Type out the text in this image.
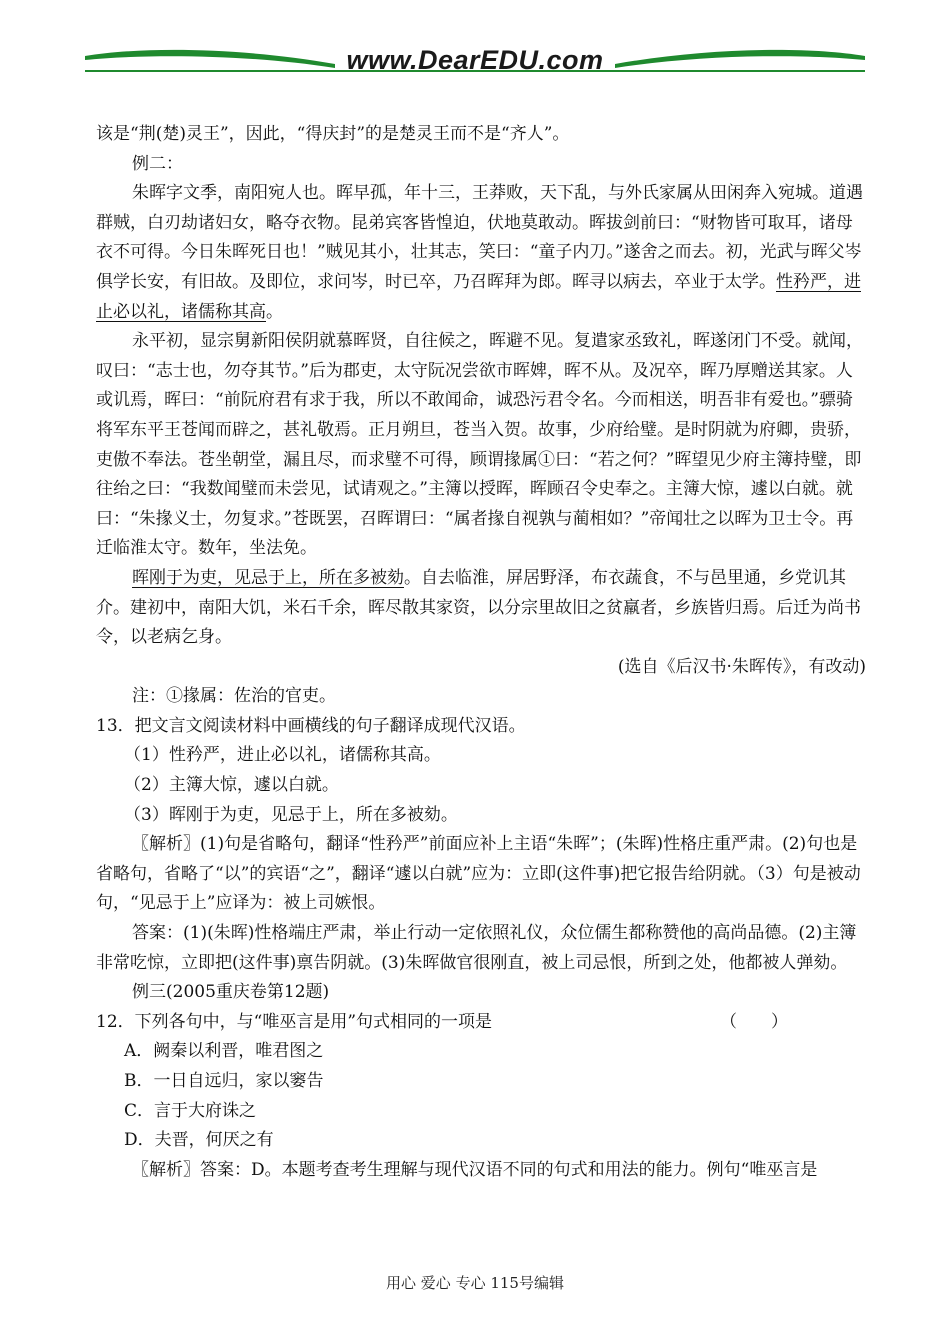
www.DearEDU.com

该是“荆(楚)灵王”，因此，“得庆封”的是楚灵王而不是“齐人”。

例二：

朱晖字文季，南阳宛人也。晖早孤，年十三，王莽败，天下乱，与外氏家属从田闲奔入宛城。道遇群贼，白刃劫诸妇女，略夺衣物。昆弟宾客皆惶迫，伏地莫敢动。晖拔剑前曰：“财物皆可取耳，诸母衣不可得。今日朱晖死日也！”贼见其小，壮其志，笑曰：“童子内刀。”遂舍之而去。初，光武与晖父岑俱学长安，有旧故。及即位，求问岑，时已卒，乃召晖拜为郎。晖寻以病去，卒业于太学。性矜严，进止必以礼，诸儒称其高。

永平初，显宗舅新阳侯阴就慕晖贤，自往候之，晖避不见。复遣家丞致礼，晖遂闭门不受。就闻，叹曰：“志士也，勿夺其节。”后为郡吏，太守阮况尝欲市晖婢，晖不从。及况卒，晖乃厚赠送其家。人或讥焉，晖曰：“前阮府君有求于我，所以不敢闻命，诚恐污君令名。今而相送，明吾非有爱也。”骠骑将军东平王苍闻而辟之，甚礼敬焉。正月朔旦，苍当入贺。故事，少府给璧。是时阴就为府卿，贵骄，吏傲不奉法。苍坐朝堂，漏且尽，而求璧不可得，顾谓掾属①曰：“若之何？”晖望见少府主簿持璧，即往绐之曰：“我数闻璧而未尝见，试请观之。”主簿以授晖，晖顾召令史奉之。主簿大惊，遽以白就。就曰：“朱掾义士，勿复求。”苍既罢，召晖谓曰：“属者掾自视孰与蔺相如？”帝闻壮之以晖为卫士令。再迁临淮太守。数年，坐法免。

晖刚于为吏，见忌于上，所在多被劾。自去临淮，屏居野泽，布衣蔬食，不与邑里通，乡党讥其介。建初中，南阳大饥，米石千余，晖尽散其家资，以分宗里故旧之贫羸者，乡族皆归焉。后迁为尚书令，以老病乞身。

(选自《后汉书·朱晖传》，有改动)

注：①掾属：佐治的官吏。

13．把文言文阅读材料中画横线的句子翻译成现代汉语。

（1）性矜严，进止必以礼，诸儒称其高。

（2）主簿大惊，遽以白就。

（3）晖刚于为吏，见忌于上，所在多被劾。

〖解析〗(1)句是省略句，翻译“性矜严”前面应补上主语“朱晖”；(朱晖)性格庄重严肃。(2)句也是省略句，省略了“以”的宾语“之”，翻译“遽以白就”应为：立即(这件事)把它报告给阴就。（3）句是被动句，“见忌于上”应译为：被上司嫉恨。

答案：(1)(朱晖)性格端庄严肃，举止行动一定依照礼仪，众位儒生都称赞他的高尚品德。(2)主簿非常吃惊，立即把(这件事)禀告阴就。(3)朱晖做官很刚直，被上司忌恨，所到之处，他都被人弹劾。

例三(2005重庆卷第12题)

12．下列各句中，与“唯巫言是用”句式相同的一项是	（　　）

A．阙秦以利晋，唯君图之

B．一日自远归，家以窭告

C．言于大府诛之

D．夫晋，何厌之有

〖解析〗答案：D。本题考查考生理解与现代汉语不同的句式和用法的能力。例句“唯巫言是

用心 爱心 专心 115号编辑
